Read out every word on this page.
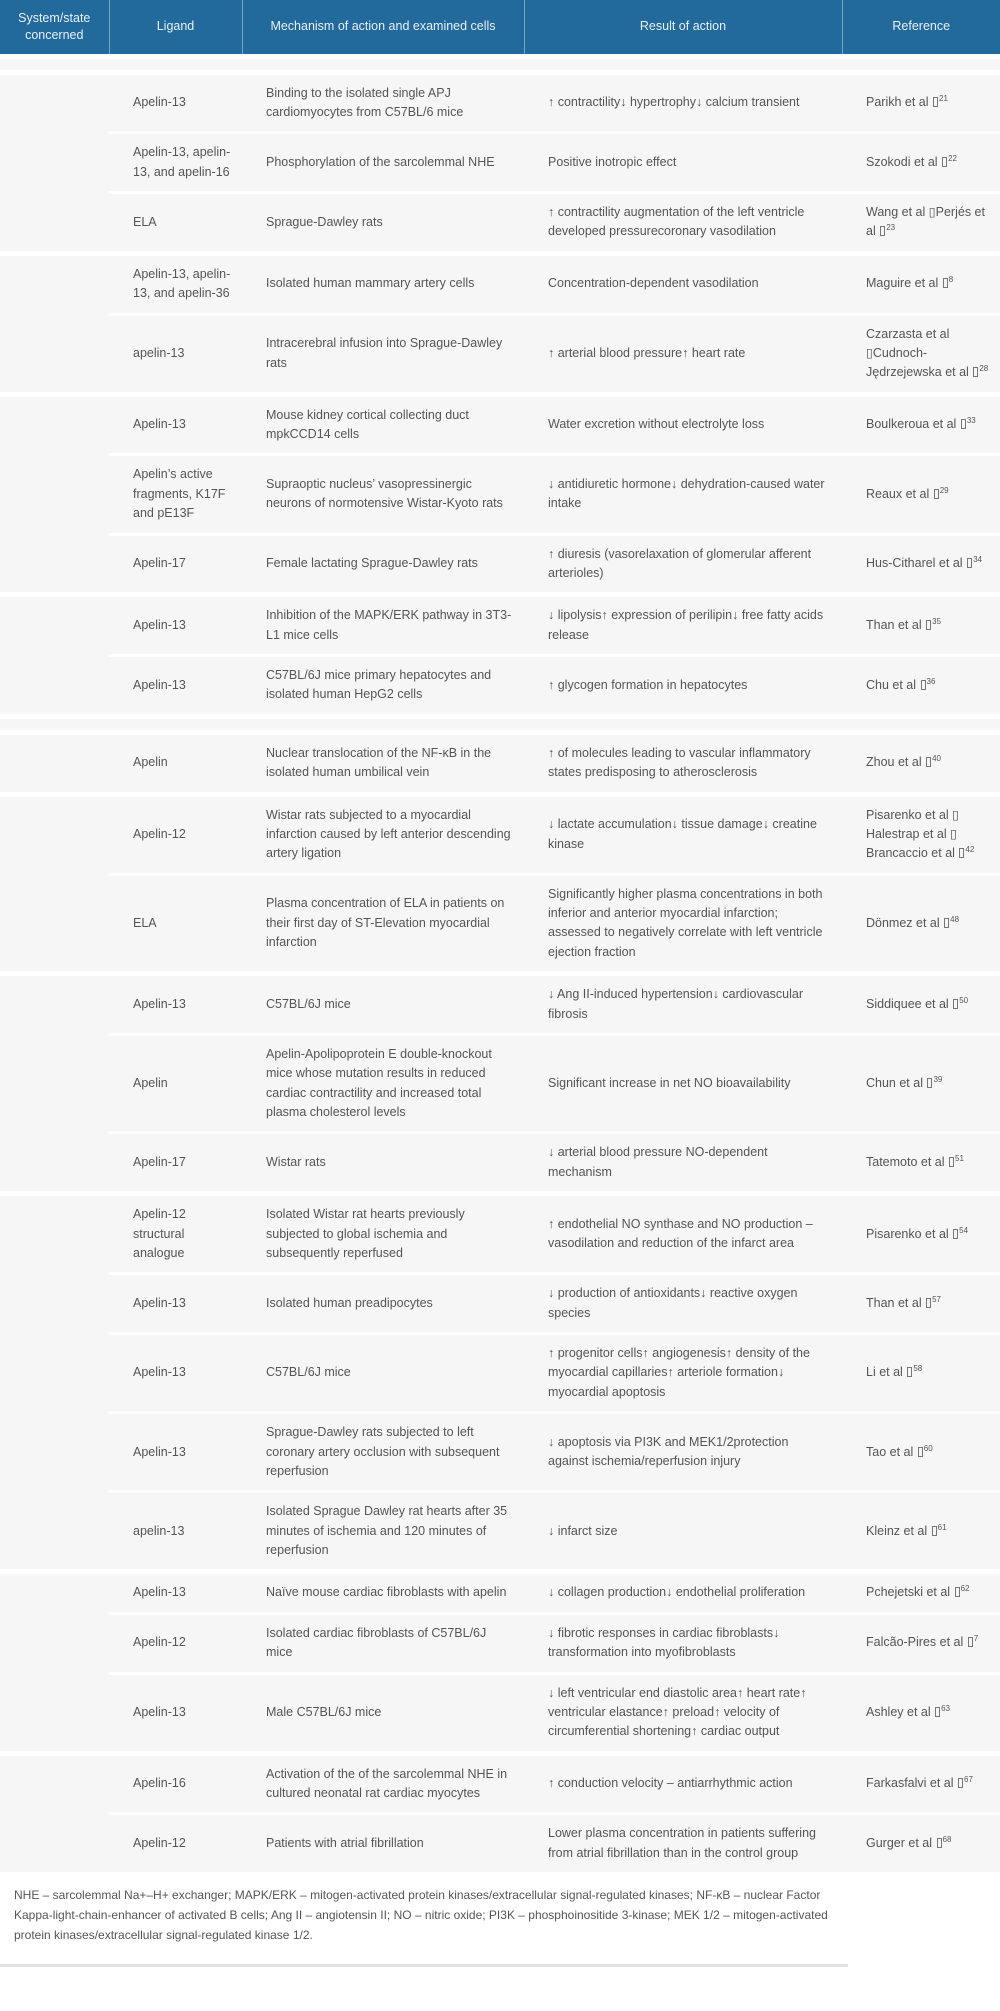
System/state concerned	Ligand	Mechanism of action and examined cells	Result of action	Reference

	Apelin-13	Binding to the isolated single APJ cardiomyocytes from C57BL/6 mice	↑ contractility↓ hypertrophy↓ calcium transient	Parikh et al $^{21}$
	Apelin-13, apelin-13, and apelin-16	Phosphorylation of the sarcolemmal NHE	Positive inotropic effect	Szokodi et al $^{22}$
	ELA	Sprague-Dawley rats	↑ contractility augmentation of the left ventricle developed pressurecoronary vasodilation	Wang et al ▯Perjés et al $^{23}$
	Apelin-13, apelin-13, and apelin-36	Isolated human mammary artery cells	Concentration-dependent vasodilation	Maguire et al $^8$
	apelin-13	Intracerebral infusion into Sprague-Dawley rats	↑ arterial blood pressure↑ heart rate	Czarzasta et al ▯Cudnoch-Jędrzejewska et al $^{28}$
	Apelin-13	Mouse kidney cortical collecting duct mpkCCD14 cells	Water excretion without electrolyte loss	Boulkeroua et al $^{33}$
	Apelin’s active fragments, K17F and pE13F	Supraoptic nucleus’ vasopressinergic neurons of normotensive Wistar-Kyoto rats	↓ antidiuretic hormone↓ dehydration-caused water intake	Reaux et al $^{29}$
	Apelin-17	Female lactating Sprague-Dawley rats	↑ diuresis (vasorelaxation of glomerular afferent arterioles)	Hus-Citharel et al $^{34}$
	Apelin-13	Inhibition of the MAPK/ERK pathway in 3T3-L1 mice cells	↓ lipolysis↑ expression of perilipin↓ free fatty acids release	Than et al $^{35}$
	Apelin-13	C57BL/6J mice primary hepatocytes and isolated human HepG2 cells	↑ glycogen formation in hepatocytes	Chu et al $^{36}$

	Apelin	Nuclear translocation of the NF-κB in the isolated human umbilical vein	↑ of molecules leading to vascular inflammatory states predisposing to atherosclerosis	Zhou et al $^{40}$
	Apelin-12	Wistar rats subjected to a myocardial infarction caused by left anterior descending artery ligation	↓ lactate accumulation↓ tissue damage↓ creatine kinase	Pisarenko et al ▯ Halestrap et al ▯ Brancaccio et al $^{42}$
	ELA	Plasma concentration of ELA in patients on their first day of ST-Elevation myocardial infarction	Significantly higher plasma concentrations in both inferior and anterior myocardial infarction; assessed to negatively correlate with left ventricle ejection fraction	Dönmez et al $^{48}$
	Apelin-13	C57BL/6J mice	↓ Ang II-induced hypertension↓ cardiovascular fibrosis	Siddiquee et al $^{50}$
	Apelin	Apelin-Apolipoprotein E double-knockout mice whose mutation results in reduced cardiac contractility and increased total plasma cholesterol levels	Significant increase in net NO bioavailability	Chun et al $^{39}$
	Apelin-17	Wistar rats	↓ arterial blood pressure NO-dependent mechanism	Tatemoto et al $^{51}$
	Apelin-12 structural analogue	Isolated Wistar rat hearts previously subjected to global ischemia and subsequently reperfused	↑ endothelial NO synthase and NO production – vasodilation and reduction of the infarct area	Pisarenko et al $^{54}$
	Apelin-13	Isolated human preadipocytes	↓ production of antioxidants↓ reactive oxygen species	Than et al $^{57}$
	Apelin-13	C57BL/6J mice	↑ progenitor cells↑ angiogenesis↑ density of the myocardial capillaries↑ arteriole formation↓ myocardial apoptosis	Li et al $^{58}$
	Apelin-13	Sprague-Dawley rats subjected to left coronary artery occlusion with subsequent reperfusion	↓ apoptosis via PI3K and MEK1/2protection against ischemia/reperfusion injury	Tao et al $^{60}$
	apelin-13	Isolated Sprague Dawley rat hearts after 35 minutes of ischemia and 120 minutes of reperfusion	↓ infarct size	Kleinz et al $^{61}$
	Apelin-13	Naïve mouse cardiac fibroblasts with apelin	↓ collagen production↓ endothelial proliferation	Pchejetski et al $^{62}$
	Apelin-12	Isolated cardiac fibroblasts of C57BL/6J mice	↓ fibrotic responses in cardiac fibroblasts↓ transformation into myofibroblasts	Falcão-Pires et al $^7$
	Apelin-13	Male C57BL/6J mice	↓ left ventricular end diastolic area↑ heart rate↑ ventricular elastance↑ preload↑ velocity of circumferential shortening↑ cardiac output	Ashley et al $^{63}$
	Apelin-16	Activation of the of the sarcolemmal NHE in cultured neonatal rat cardiac myocytes	↑ conduction velocity – antiarrhythmic action	Farkasfalvi et al $^{67}$
	Apelin-12	Patients with atrial fibrillation	Lower plasma concentration in patients suffering from atrial fibrillation than in the control group	Gurger et al $^{68}$
NHE – sarcolemmal Na+–H+ exchanger; MAPK/ERK – mitogen-activated protein kinases/extracellular signal-regulated kinases; NF-κB – nuclear Factor Kappa-light-chain-enhancer of activated B cells; Ang II – angiotensin II; NO – nitric oxide; PI3K – phosphoinositide 3-kinase; MEK 1/2 – mitogen-activated protein kinases/extracellular signal-regulated kinase 1/2.
